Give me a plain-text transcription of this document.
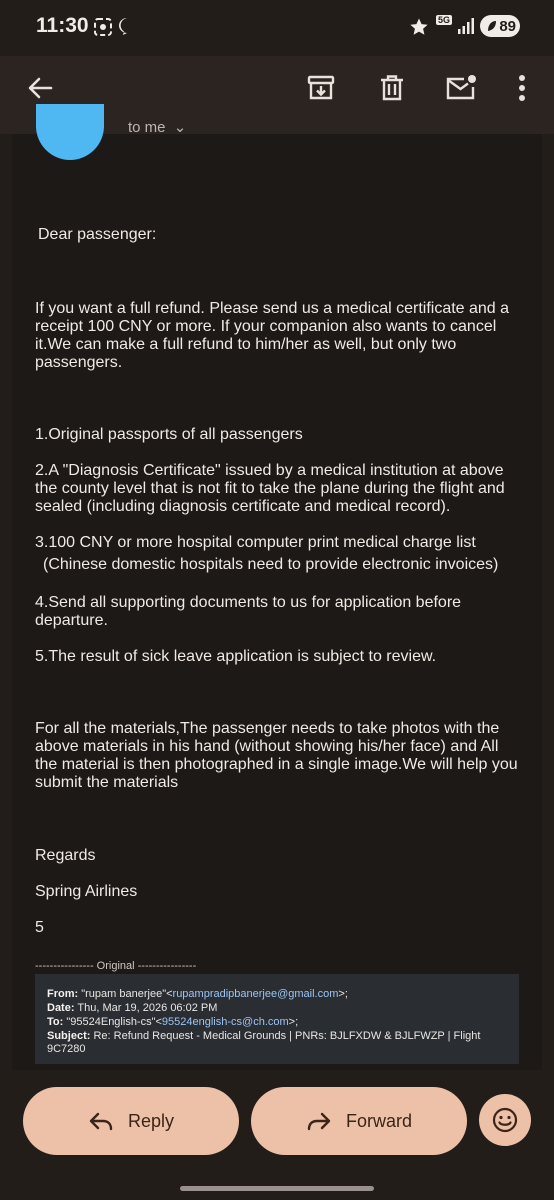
11:30	5G	89
to me ⌄
Dear passenger:
If you want a full refund. Please send us a medical certificate and a receipt 100 CNY or more. If your companion also wants to cancel it.We can make a full refund to him/her as well, but only two passengers.
1.Original passports of all passengers
2.A "Diagnosis Certificate" issued by a medical institution at above the county level that is not fit to take the plane during the flight and sealed (including diagnosis certificate and medical record).
3.100 CNY or more hospital computer print medical charge list
(Chinese domestic hospitals need to provide electronic invoices)
4.Send all supporting documents to us for application before departure.
5.The result of sick leave application is subject to review.
For all the materials,The passenger needs to take photos with the above materials in his hand (without showing his/her face) and All the material is then photographed in a single image.We will help you submit the materials
Regards
Spring Airlines
5
---------------- Original ----------------
From: "rupam banerjee"<rupampradipbanerjee@gmail.com>;
Date: Thu, Mar 19, 2026 06:02 PM
To: "95524English-cs"<95524english-cs@ch.com>;
Subject: Re: Refund Request - Medical Grounds | PNRs: BJLFXDW & BJLFWZP | Flight 9C7280
Reply	Forward
